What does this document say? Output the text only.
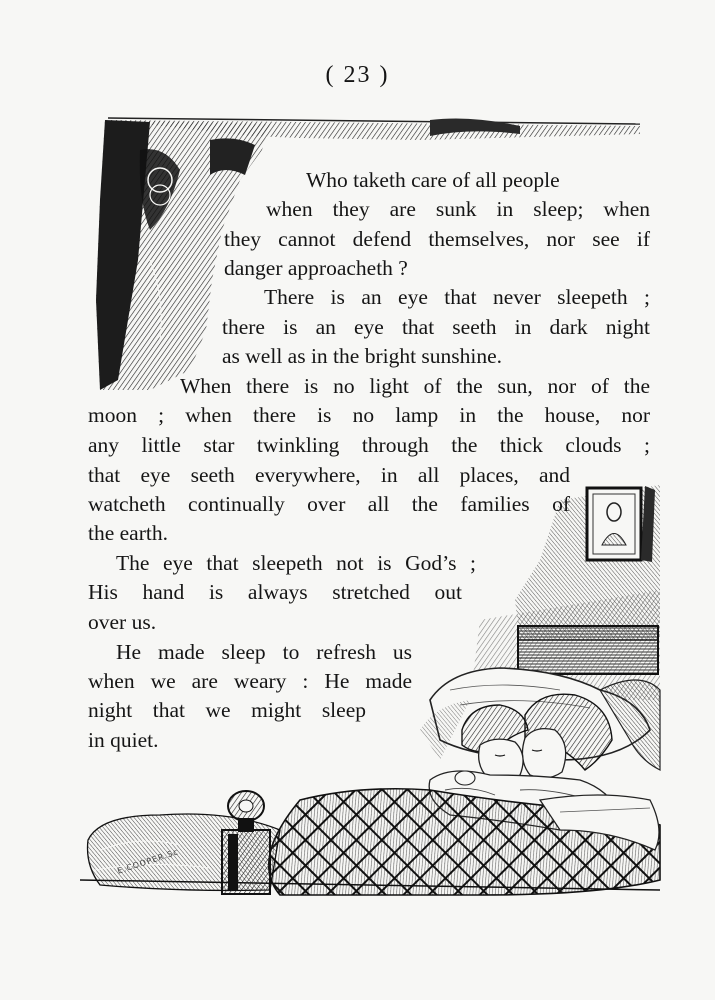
( 23 )
Who taketh care of all people
when they are sunk in sleep; when
they cannot defend themselves, nor see if
danger approacheth ?
There is an eye that never sleepeth ;
there is an eye that seeth in dark night
as well as in the bright sunshine.
When there is no light of the sun, nor of the
moon ; when there is no lamp in the house, nor
any little star twinkling through the thick clouds ;
that eye seeth everywhere, in all places, and
watcheth continually over all the families of
the earth.
The eye that sleepeth not is God’s ;
His hand is always stretched out
over us.
He made sleep to refresh us
when we are weary : He made
night that we might sleep
in quiet.
E.COOPER.Sc
